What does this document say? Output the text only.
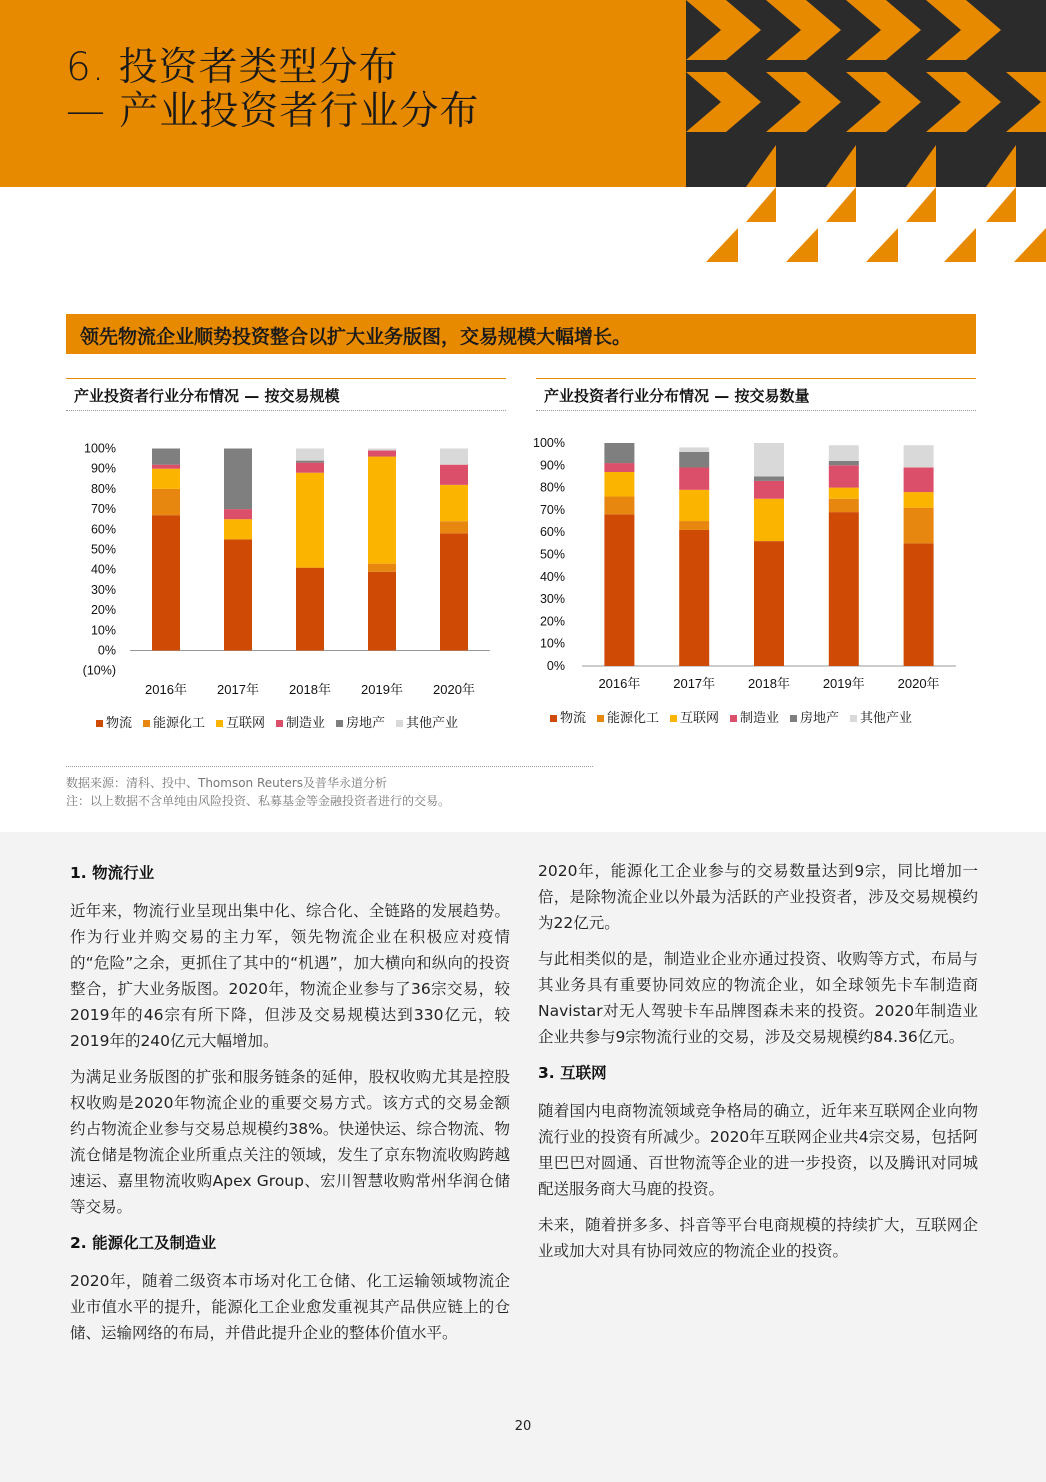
6. 投资者类型分布
— 产业投资者行业分布
领先物流企业顺势投资整合以扩大业务版图，交易规模大幅增长。
产业投资者行业分布情况 — 按交易规模
100%
90%
80%
70%
60%
50%
40%
30%
20%
10%
0%
(10%)
2016年 2017年 2018年 2019年 2020年
物流 能源化工 互联网 制造业 房地产 其他产业
产业投资者行业分布情况 — 按交易数量
100%
90%
80%
70%
60%
50%
40%
30%
20%
10%
0%
2016年	2017年	2018年	2019年	2020年
物流 能源化工 互联网 制造业 房地产 其他产业
数据来源：清科、投中、Thomson Reuters及普华永道分析
注：以上数据不含单纯由风险投资、私募基金等金融投资者进行的交易。
1. 物流行业

近年来，物流行业呈现出集中化、综合化、全链路的发展趋势。作为行业并购交易的主力军，领先物流企业在积极应对疫情的“危险”之余，更抓住了其中的“机遇”，加大横向和纵向的投资整合，扩大业务版图。2020年，物流企业参与了36宗交易，较2019年的46宗有所下降，但涉及交易规模达到330亿元，较2019年的240亿元大幅增加。

为满足业务版图的扩张和服务链条的延伸，股权收购尤其是控股权收购是2020年物流企业的重要交易方式。该方式的交易金额约占物流企业参与交易总规模约38%。快递快运、综合物流、物流仓储是物流企业所重点关注的领域，发生了京东物流收购跨越速运、嘉里物流收购Apex Group、宏川智慧收购常州华润仓储等交易。

2. 能源化工及制造业

2020年，随着二级资本市场对化工仓储、化工运输领域物流企业市值水平的提升，能源化工企业愈发重视其产品供应链上的仓储、运输网络的布局，并借此提升企业的整体价值水平。

2020年，能源化工企业参与的交易数量达到9宗，同比增加一倍，是除物流企业以外最为活跃的产业投资者，涉及交易规模约为22亿元。

与此相类似的是，制造业企业亦通过投资、收购等方式，布局与其业务具有重要协同效应的物流企业，如全球领先卡车制造商Navistar对无人驾驶卡车品牌图森未来的投资。2020年制造业企业共参与9宗物流行业的交易，涉及交易规模约84.36亿元。

3. 互联网

随着国内电商物流领域竞争格局的确立，近年来互联网企业向物流行业的投资有所减少。2020年互联网企业共4宗交易，包括阿里巴巴对圆通、百世物流等企业的进一步投资，以及腾讯对同城配送服务商大马鹿的投资。

未来，随着拼多多、抖音等平台电商规模的持续扩大，互联网企业或加大对具有协同效应的物流企业的投资。

20
